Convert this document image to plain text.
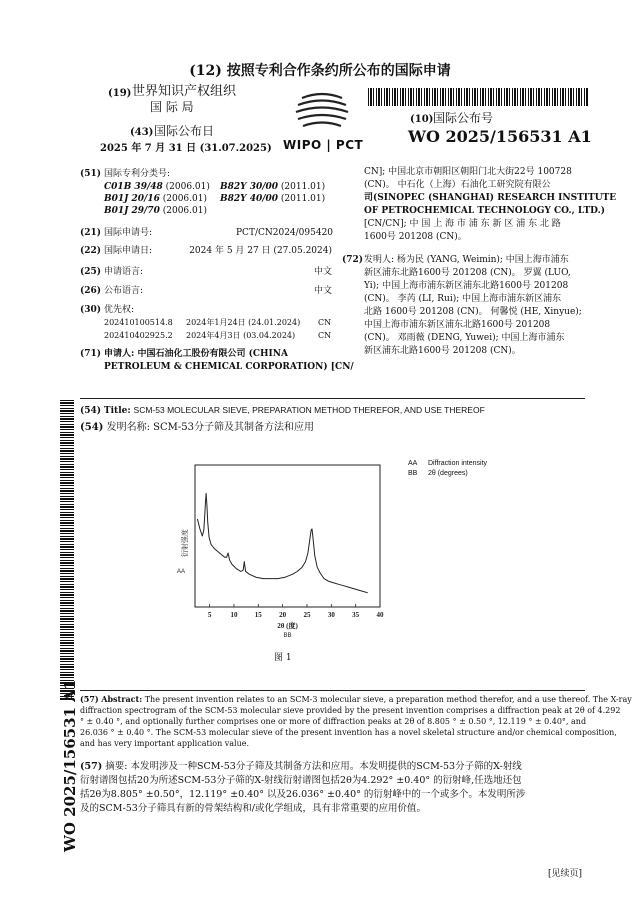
(12) 按照专利合作条约所公布的国际申请
(19) 世界知识产权组织
国 际 局
(43) 国际公布日
2025 年 7 月 31 日 (31.07.2025) WIPO | PCT
(10) 国际公布号
WO 2025/156531 A1
(51) 国际专利分类号:
C01B 39/48 (2006.01) B82Y 30/00 (2011.01)
B01J 20/16 (2006.01) B82Y 40/00 (2011.01)
B01J 29/70 (2006.01)
(21) 国际申请号:	PCT/CN2024/095420
(22) 国际申请日:	2024 年 5 月 27 日 (27.05.2024)
(25) 申请语言:	中文
(26) 公布语言:	中文
(30) 优先权:
202410100514.8 2024年1月24日 (24.01.2024) CN
202410402925.2 2024年4月3日 (03.04.2024)	CN
(71) 申请人: 中国石油化工股份有限公司 (CHINA
PETROLEUM & CHEMICAL CORPORATION) [CN/
CN]; 中国北京市朝阳区朝阳门北大街22号 100728
(CN)。 中石化（上海）石油化工研究院有限公
司(SINOPEC (SHANGHAI) RESEARCH INSTITUTE
OF PETROCHEMICAL TECHNOLOGY CO., LTD.)
[CN/CN]; 中 国 上 海 市 浦 东 新 区 浦 东 北 路
1600号 201208 (CN)。
(72) 发明人: 杨为民 (YANG, Weimin); 中国上海市浦东
新区浦东北路1600号 201208 (CN)。 罗翼 (LUO,
Yi); 中国上海市浦东新区浦东北路1600号 201208
(CN)。 李芮 (LI, Rui); 中国上海市浦东新区浦东
北路 1600号 201208 (CN)。 何馨悦 (HE, Xinyue);
中国上海市浦东新区浦东北路1600号 201208
(CN)。 邓雨薇 (DENG, Yuwei); 中国上海市浦东
新区浦东北路1600号 201208 (CN)。
WO 2025/156531 A1
(54) Title: SCM-53 MOLECULAR SIEVE, PREPARATION METHOD THEREFOR, AND USE THEREOF
(54) 发明名称: SCM-53分子筛及其制备方法和应用
5	10 15 20 25 30 35 40
2θ (度)
BB
衍射强度
AA
AA Diffraction intensity
BB 2θ (degrees)
图 1
(57) Abstract: The present invention relates to an SCM-3 molecular sieve, a preparation method therefor, and a use thereof. The X-ray
diffraction spectrogram of the SCM-53 molecular sieve provided by the present invention comprises a diffraction peak at 2θ of 4.292
° ± 0.40 °, and optionally further comprises one or more of diffraction peaks at 2θ of 8.805 ° ± 0.50 °, 12.119 ° ± 0.40°, and
26.036 ° ± 0.40 °. The SCM-53 molecular sieve of the present invention has a novel skeletal structure and/or chemical composition,
and has very important application value.
(57) 摘要: 本发明涉及一种SCM-53分子筛及其制备方法和应用。本发明提供的SCM-53分子筛的X-射线
衍射谱图包括20为所述SCM-53分子筛的X-射线衍射谱图包括2θ为4.292° ±0.40° 的衍射峰,任选地还包
括2θ为8.805° ±0.50°，12.119° ±0.40° 以及26.036° ±0.40° 的衍射峰中的一个或多个。本发明所涉
及的SCM-53分子筛具有新的骨架结构和/或化学组成，具有非常重要的应用价值。
[见续页]
